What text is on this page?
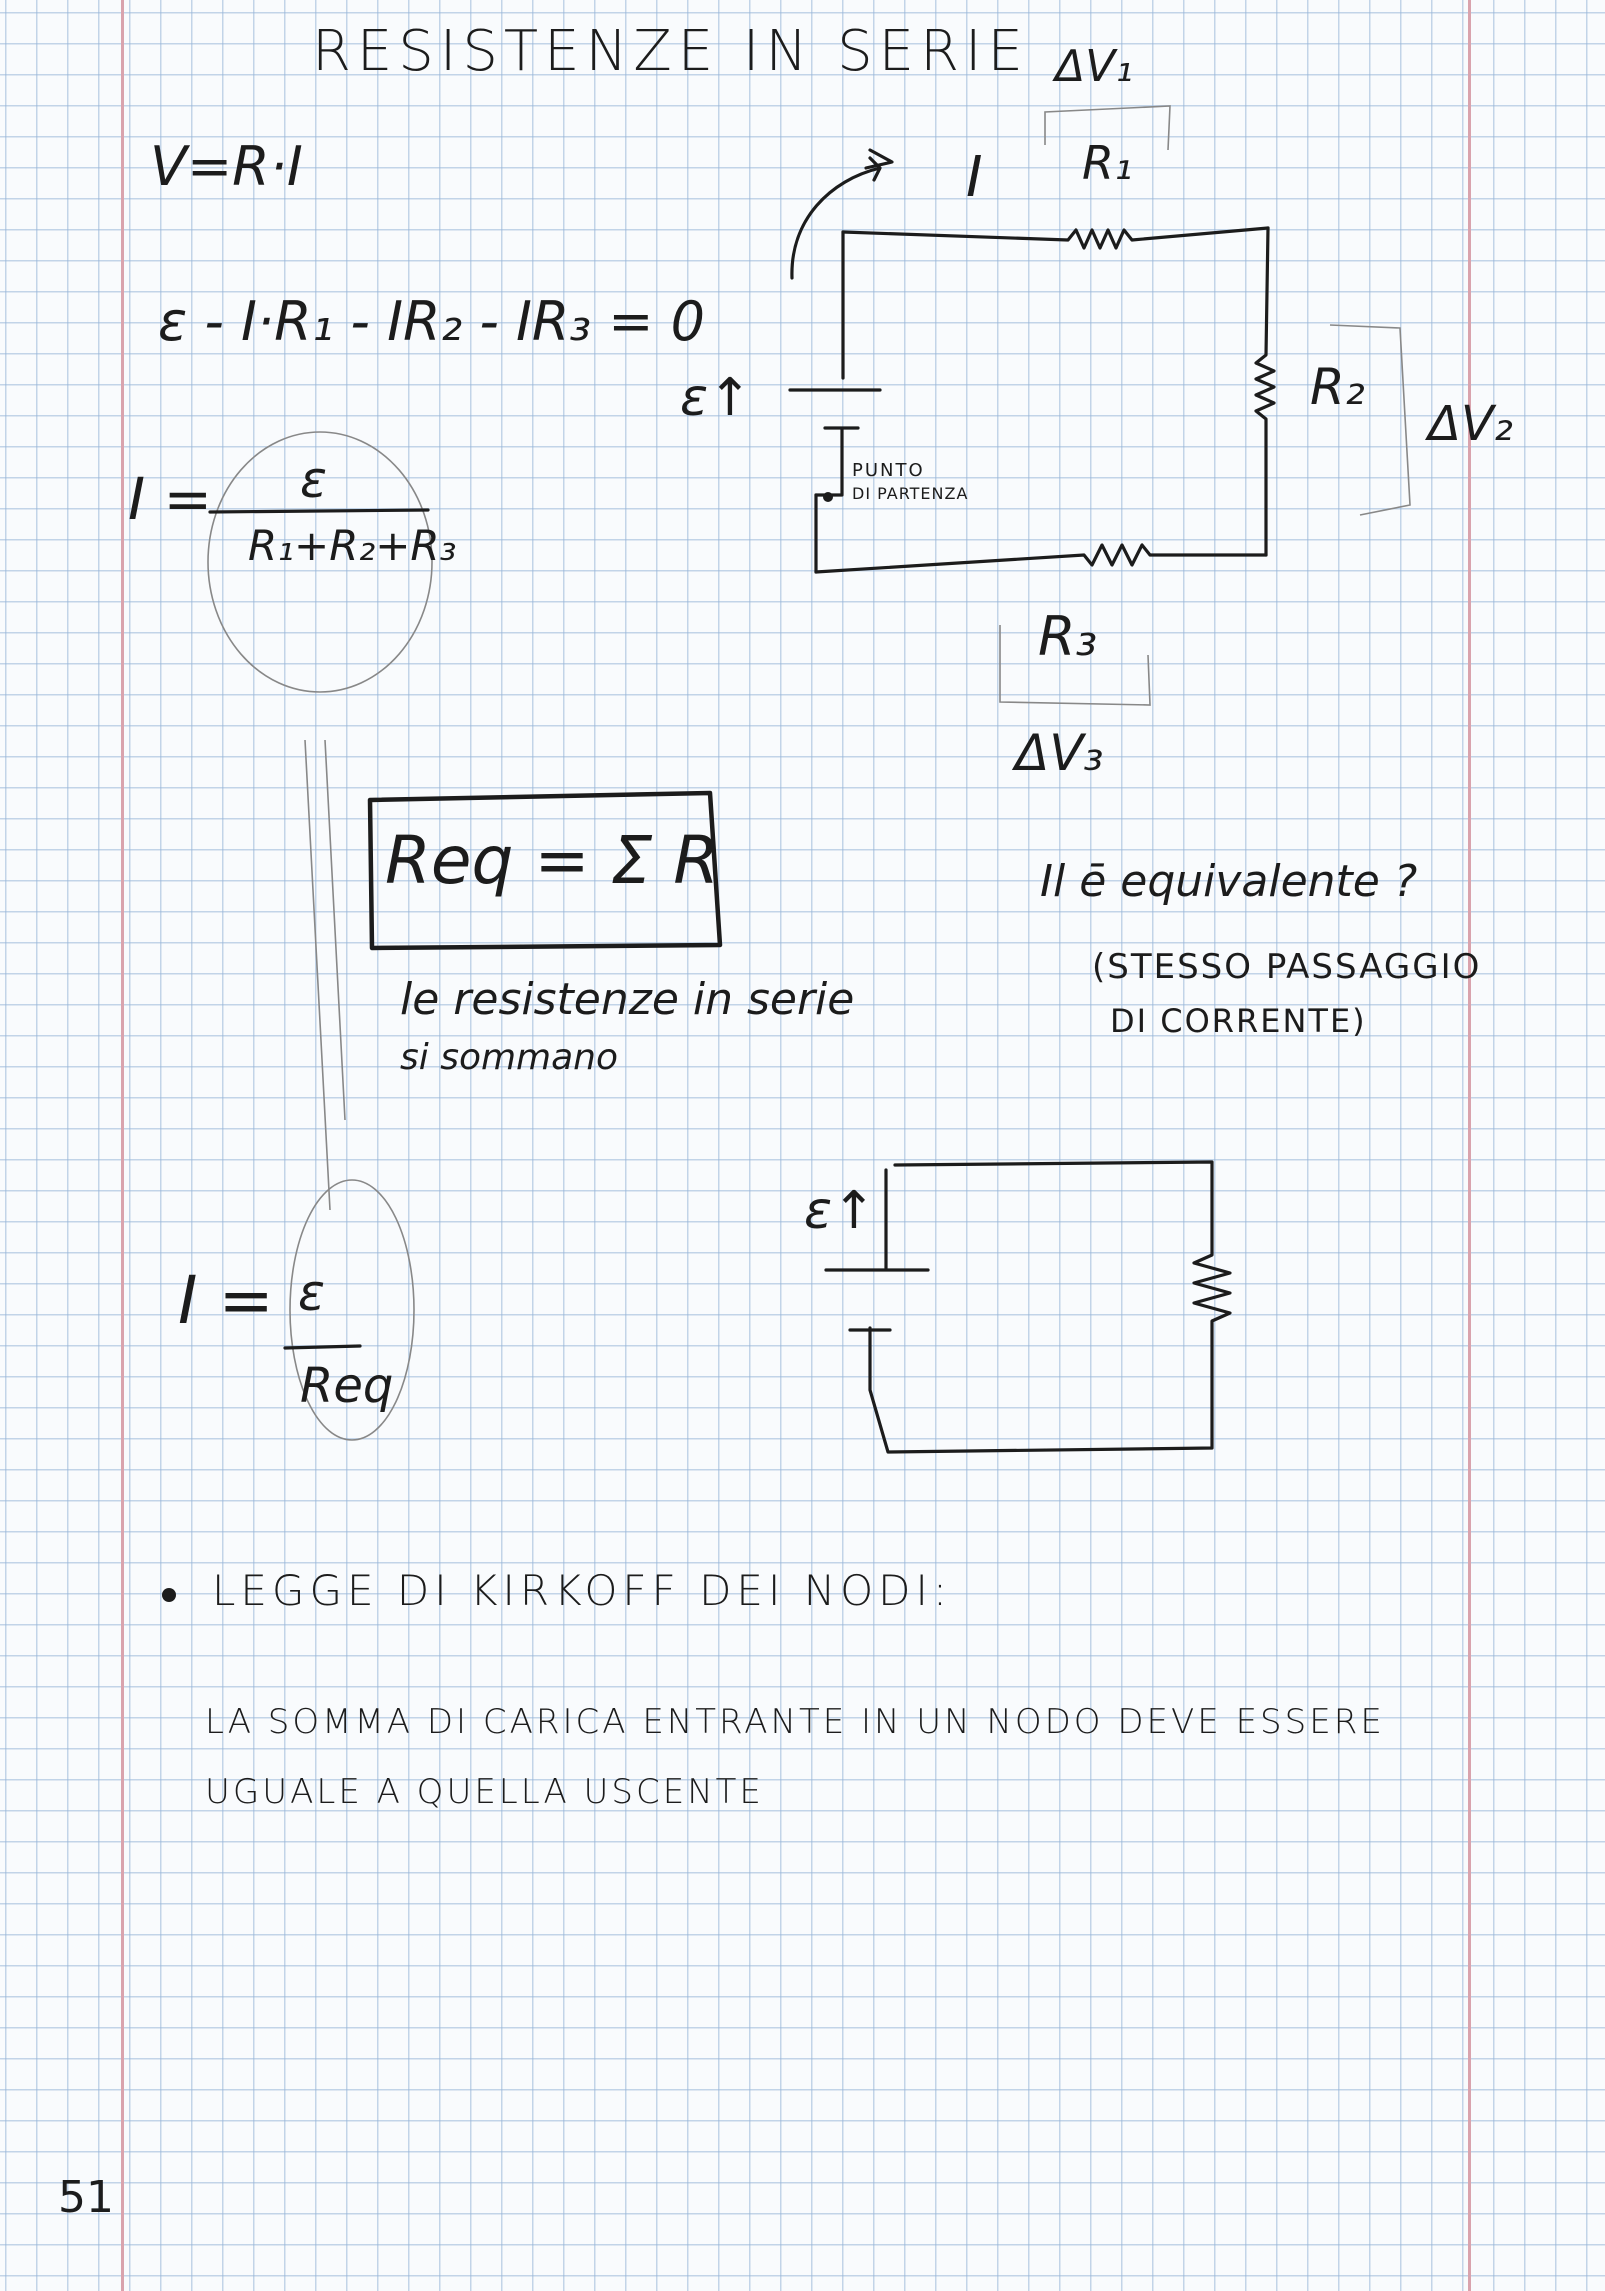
RESISTENZE IN SERIE
V=R·I
ε - I·R₁ - IR₂ - IR₃ = 0
I = ε
R₁+R₂+R₃
Req = Σ R
le resistenze in serie
si sommano
I = ε
Req
ε↑
I R₁
R₂
R₃
ΔV₁
ΔV₂
ΔV₃
PUNTO
DI PARTENZA
Il ē equivalente ?
(STESSO PASSAGGIO
DI CORRENTE)
ε↑
LEGGE DI KIRKOFF DEI NODI:
LA SOMMA DI CARICA ENTRANTE IN UN NODO DEVE ESSERE
UGUALE A QUELLA USCENTE
51
